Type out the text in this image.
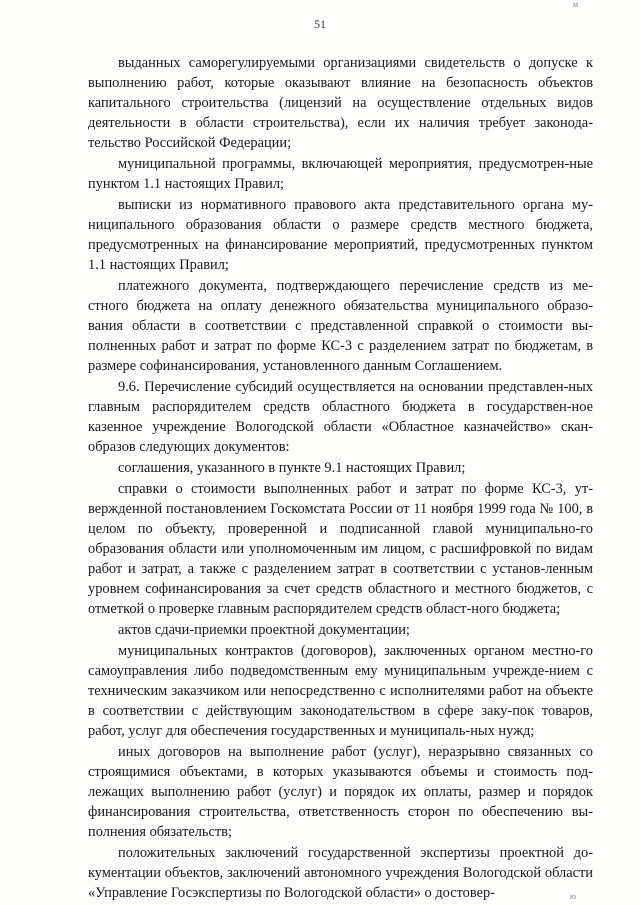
м
51

выданных саморегулируемыми организациями свидетельств о допуске к выполнению работ, которые оказывают влияние на безопасность объектов капитального строительства (лицензий на осуществление отдельных видов деятельности в области строительства), если их наличия требует законода-тельство Российской Федерации;

муниципальной программы, включающей мероприятия, предусмотрен-ные пунктом 1.1 настоящих Правил;

выписки из нормативного правового акта представительного органа му-ниципального образования области о размере средств местного бюджета, предусмотренных на финансирование мероприятий, предусмотренных пунктом 1.1 настоящих Правил;

платежного документа, подтверждающего перечисление средств из ме-стного бюджета на оплату денежного обязательства муниципального образо-вания области в соответствии с представленной справкой о стоимости вы-полненных работ и затрат по форме КС-3 с разделением затрат по бюджетам, в размере софинансирования, установленного данным Соглашением.

9.6. Перечисление субсидий осуществляется на основании представлен-ных главным распорядителем средств областного бюджета в государствен-ное казенное учреждение Вологодской области «Областное казначейство» скан-образов следующих документов:

соглашения, указанного в пункте 9.1 настоящих Правил;

справки о стоимости выполненных работ и затрат по форме КС-3, ут-вержденной постановлением Госкомстата России от 11 ноября 1999 года № 100, в целом по объекту, проверенной и подписанной главой муниципально-го образования области или уполномоченным им лицом, с расшифровкой по видам работ и затрат, а также с разделением затрат в соответствии с установ-ленным уровнем софинансирования за счет средств областного и местного бюджетов, с отметкой о проверке главным распорядителем средств област-ного бюджета;

актов сдачи-приемки проектной документации;

муниципальных контрактов (договоров), заключенных органом местно-го самоуправления либо подведомственным ему муниципальным учрежде-нием с техническим заказчиком или непосредственно с исполнителями работ на объекте в соответствии с действующим законодательством в сфере заку-пок товаров, работ, услуг для обеспечения государственных и муниципаль-ных нужд;

иных договоров на выполнение работ (услуг), неразрывно связанных со строящимися объектами, в которых указываются объемы и стоимость под-лежащих выполнению работ (услуг) и порядок их оплаты, размер и порядок финансирования строительства, ответственность сторон по обеспечению вы-полнения обязательств;

положительных заключений государственной экспертизы проектной до-кументации объектов, заключений автономного учреждения Вологодской области «Управление Госэкспертизы по Вологодской области» о достовер-	ю
